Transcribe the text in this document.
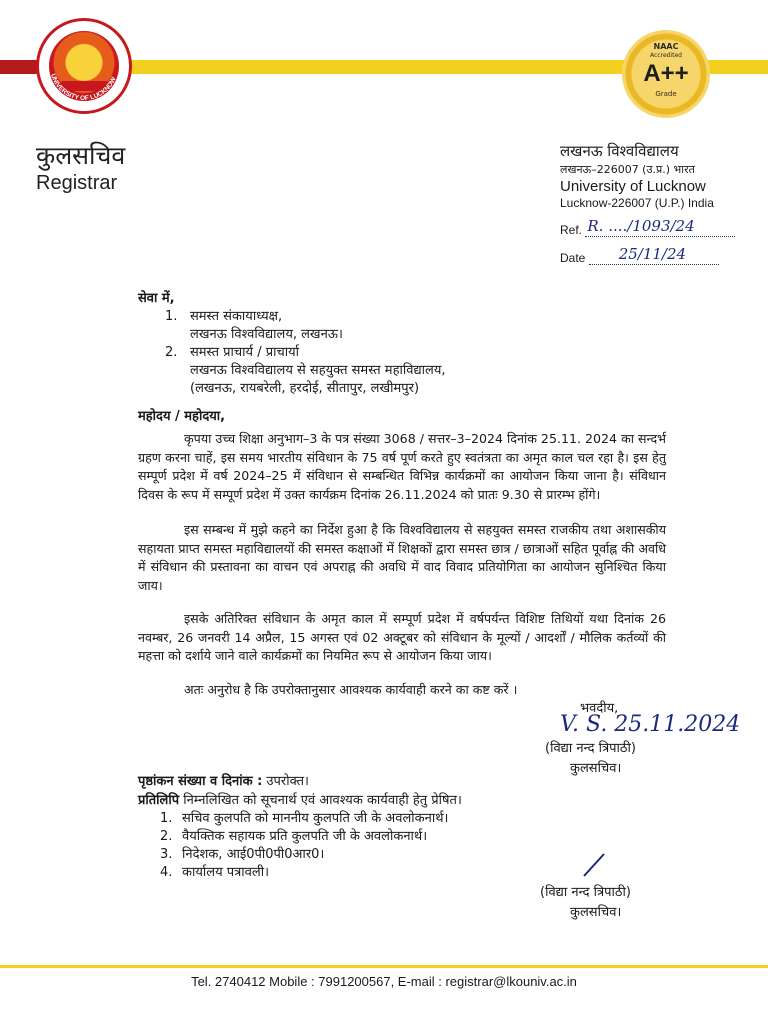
UNIVERSITY OF LUCKNOW
NAAC
Accredited
A++
Grade
कुलसचिव
Registrar
लखनऊ विश्वविद्यालय
लखनऊ–226007 (उ.प्र.) भारत
University of Lucknow
Lucknow-226007 (U.P.) India
Ref. R. ..../1093/24
Date 25/11/24
सेवा में,
1. समस्त संकायाध्यक्ष,
लखनऊ विश्वविद्यालय, लखनऊ।
2. समस्त प्राचार्य / प्राचार्या
लखनऊ विश्वविद्यालय से सहयुक्त समस्त महाविद्यालय,
(लखनऊ, रायबरेली, हरदोई, सीतापुर, लखीमपुर)
महोदय / महोदया,
कृपया उच्च शिक्षा अनुभाग–3 के पत्र संख्या 3068 / सत्तर–3–2024 दिनांक 25.11. 2024 का सन्दर्भ ग्रहण करना चाहें, इस समय भारतीय संविधान के 75 वर्ष पूर्ण करते हुए स्वतंत्रता का अमृत काल चल रहा है। इस हेतु सम्पूर्ण प्रदेश में वर्ष 2024–25 में संविधान से सम्बन्धित विभिन्न कार्यक्रमों का आयोजन किया जाना है। संविधान दिवस के रूप में सम्पूर्ण प्रदेश में उक्त कार्यक्रम दिनांक 26.11.2024 को प्रातः 9.30 से प्रारम्भ होंगे।
इस सम्बन्ध में मुझे कहने का निर्देश हुआ है कि विश्वविद्यालय से सहयुक्त समस्त राजकीय तथा अशासकीय सहायता प्राप्त समस्त महाविद्यालयों की समस्त कक्षाओं में शिक्षकों द्वारा समस्त छात्र / छात्राओं सहित पूर्वाह्न की अवधि में संविधान की प्रस्तावना का वाचन एवं अपराह्न की अवधि में वाद विवाद प्रतियोगिता का आयोजन सुनिश्चित किया जाय।
इसके अतिरिक्त संविधान के अमृत काल में सम्पूर्ण प्रदेश में वर्षपर्यन्त विशिष्ट तिथियों यथा दिनांक 26 नवम्बर, 26 जनवरी 14 अप्रैल, 15 अगस्त एवं 02 अक्टूबर को संविधान के मूल्यों / आदर्शों / मौलिक कर्तव्यों की महत्ता को दर्शाये जाने वाले कार्यक्रमों का नियमित रूप से आयोजन किया जाय।
अतः अनुरोध है कि उपरोक्तानुसार आवश्यक कार्यवाही करने का कष्ट करें ।
भवदीय,
V. S. 25.11.2024
(विद्या नन्द त्रिपाठी)
कुलसचिव।
पृष्ठांकन संख्या व दिनांक : उपरोक्त।
प्रतिलिपि निम्नलिखित को सूचनार्थ एवं आवश्यक कार्यवाही हेतु प्रेषित।
1. सचिव कुलपति को माननीय कुलपति जी के अवलोकनार्थ।
2. वैयक्तिक सहायक प्रति कुलपति जी के अवलोकनार्थ।
3. निदेशक, आई0पी0पी0आर0।
4. कार्यालय पत्रावली।
(विद्या नन्द त्रिपाठी)
कुलसचिव।
Tel. 2740412 Mobile : 7991200567, E-mail : registrar@lkouniv.ac.in
